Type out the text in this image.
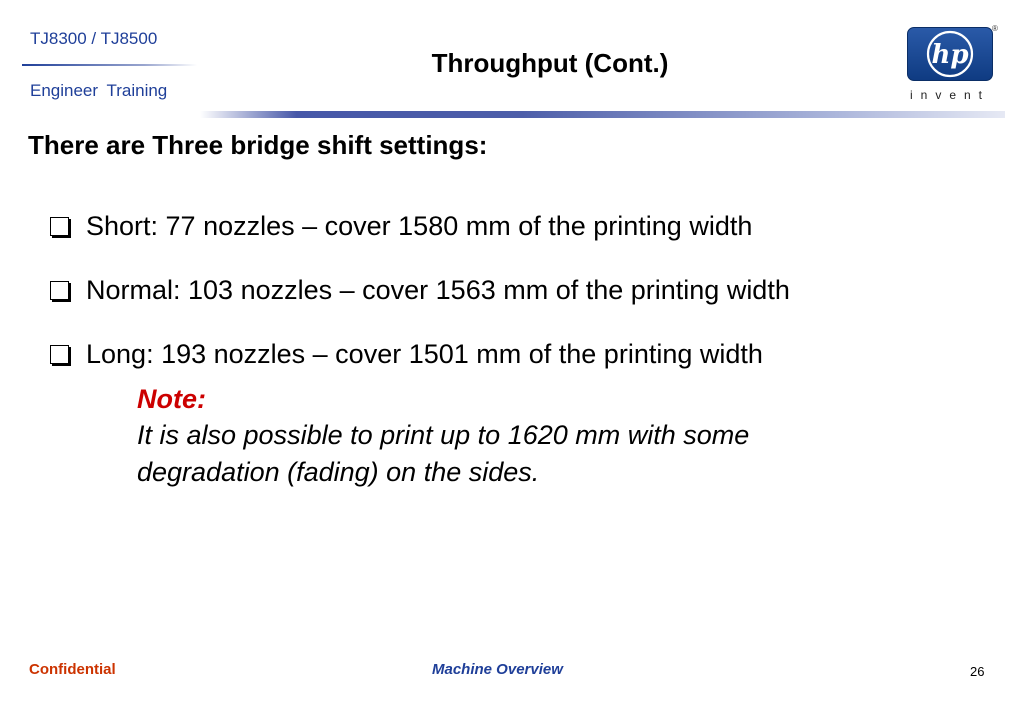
TJ8300 / TJ8500
Engineer Training
Throughput (Cont.)	hp
®
invent
There are Three bridge shift settings:
Short: 77 nozzles – cover 1580 mm of the printing width
Normal: 103 nozzles – cover 1563 mm of the printing width
Long: 193 nozzles – cover 1501 mm of the printing width
Note:
It is also possible to print up to 1620 mm with some degradation (fading) on the sides.
Confidential	Machine Overview	26
